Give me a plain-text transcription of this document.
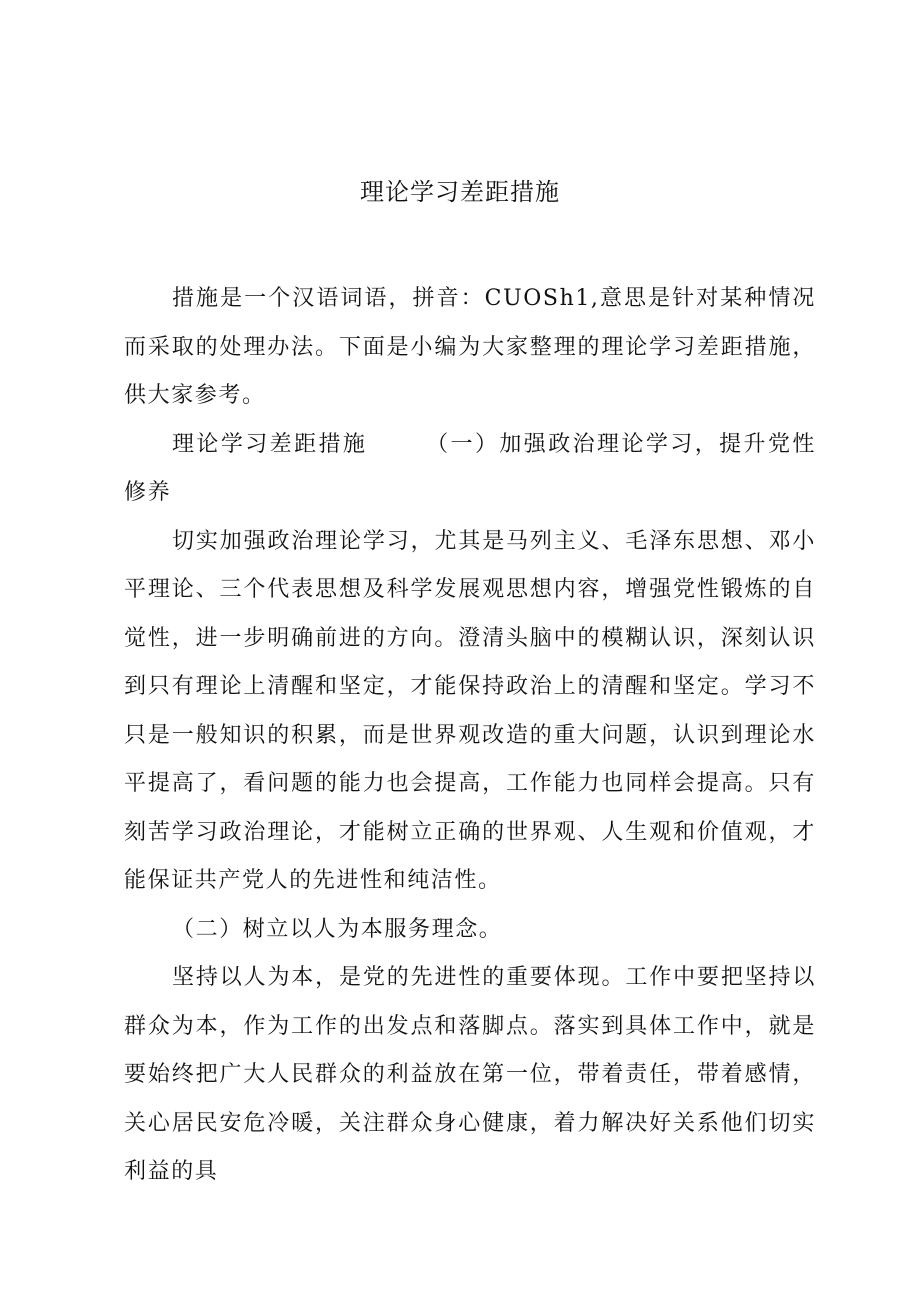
理论学习差距措施

措施是一个汉语词语，拼音：CUOSh1,意思是针对某种情况而采取的处理办法。下面是小编为大家整理的理论学习差距措施，供大家参考。

理论学习差距措施	（一）加强政治理论学习，提升党性修养

切实加强政治理论学习，尤其是马列主义、毛泽东思想、邓小平理论、三个代表思想及科学发展观思想内容，增强党性锻炼的自觉性，进一步明确前进的方向。澄清头脑中的模糊认识，深刻认识到只有理论上清醒和坚定，才能保持政治上的清醒和坚定。学习不只是一般知识的积累，而是世界观改造的重大问题，认识到理论水平提高了，看问题的能力也会提高，工作能力也同样会提高。只有刻苦学习政治理论，才能树立正确的世界观、人生观和价值观，才能保证共产党人的先进性和纯洁性。

（二）树立以人为本服务理念。

坚持以人为本，是党的先进性的重要体现。工作中要把坚持以群众为本，作为工作的出发点和落脚点。落实到具体工作中，就是要始终把广大人民群众的利益放在第一位，带着责任，带着感情，关心居民安危冷暖，关注群众身心健康，着力解决好关系他们切实利益的具
